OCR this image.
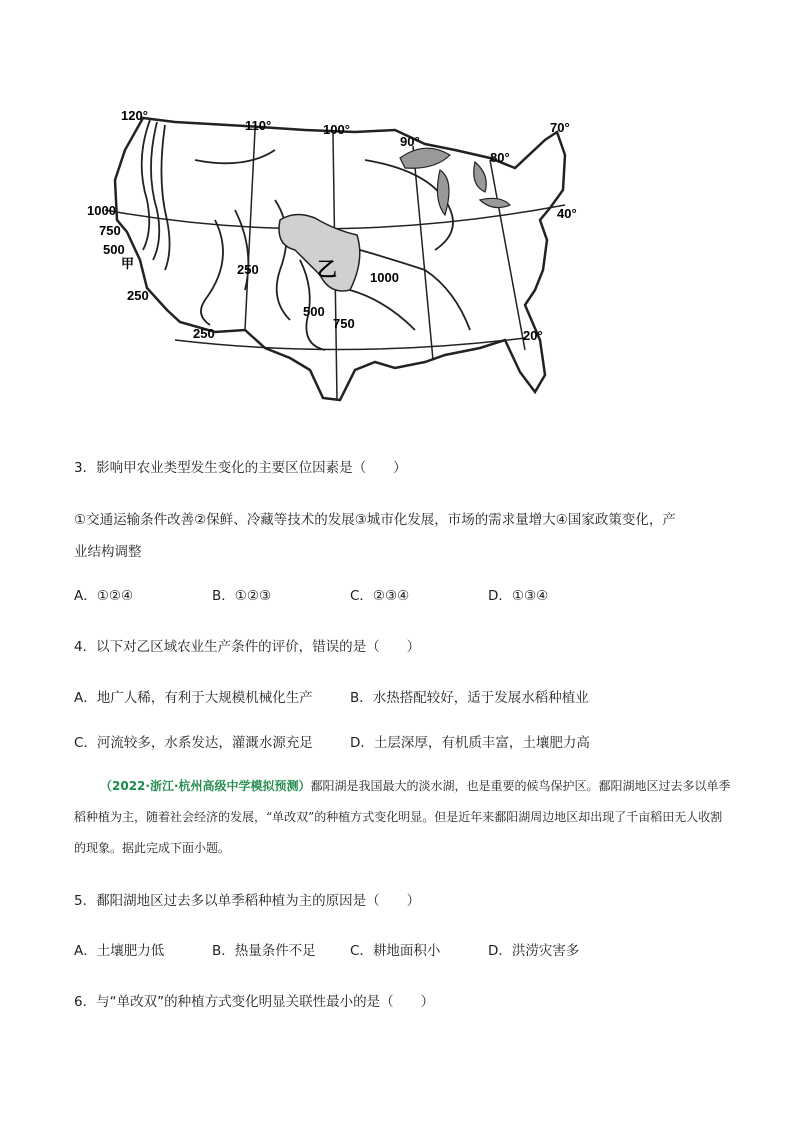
120°
110°	100°
90°
80°
70°
40°
20°
1000
750
500
250
250
250
1000
500
750
甲	乙
3．影响甲农业类型发生变化的主要区位因素是（　　）
①交通运输条件改善②保鲜、冷藏等技术的发展③城市化发展，市场的需求量增大④国家政策变化，产
业结构调整
A．①②④	B．①②③	C．②③④	D．①③④
4．以下对乙区域农业生产条件的评价，错误的是（　　）
A．地广人稀，有利于大规模机械化生产	B．水热搭配较好，适于发展水稻种植业
C．河流较多，水系发达，灌溉水源充足	D．土层深厚，有机质丰富，土壤肥力高
（2022·浙江·杭州高级中学模拟预测）鄱阳湖是我国最大的淡水湖，也是重要的候鸟保护区。鄱阳湖地区过去多以单季稻种植为主，随着社会经济的发展，“单改双”的种植方式变化明显。但是近年来鄱阳湖周边地区却出现了千亩稻田无人收割的现象。据此完成下面小题。
5．鄱阳湖地区过去多以单季稻种植为主的原因是（　　）
A．土壤肥力低	B．热量条件不足	C．耕地面积小	D．洪涝灾害多
6．与“单改双”的种植方式变化明显关联性最小的是（　　）
